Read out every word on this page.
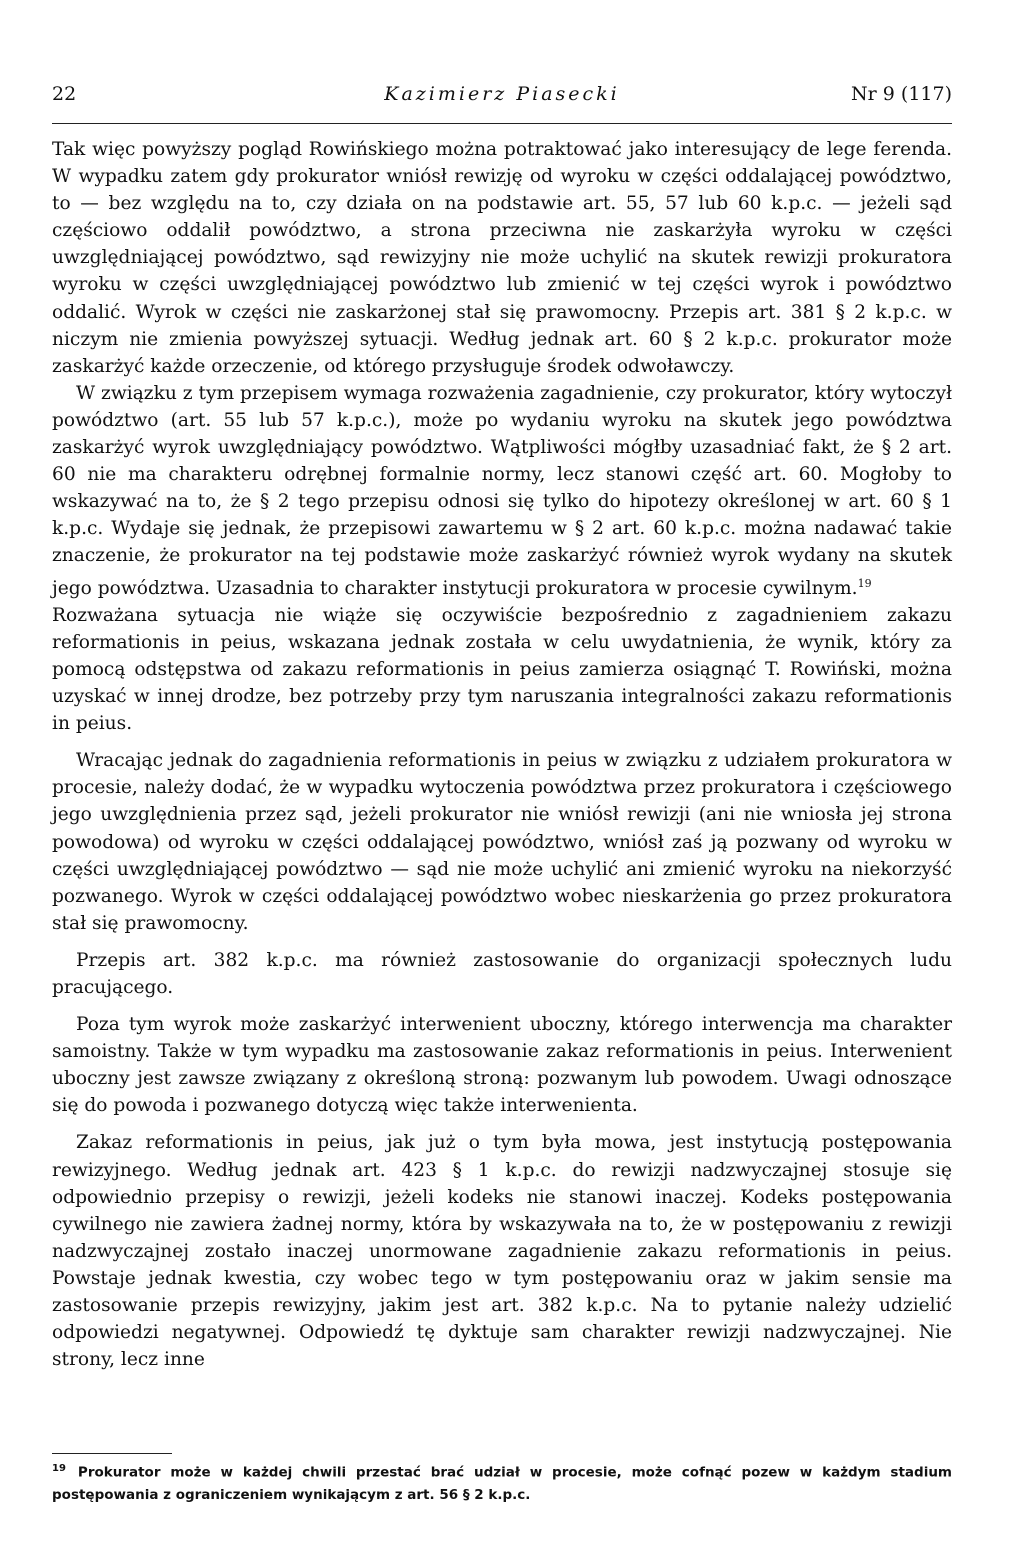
22	Kazimierz Piasecki	Nr 9 (117)

Tak więc powyższy pogląd Rowińskiego można potraktować jako interesujący de lege ferenda. W wypadku zatem gdy prokurator wniósł rewizję od wyroku w części oddalającej powództwo, to — bez względu na to, czy działa on na podstawie art. 55, 57 lub 60 k.p.c. — jeżeli sąd częściowo oddalił powództwo, a strona przeciwna nie zaskarżyła wyroku w części uwzględniającej powództwo, sąd rewizyjny nie może uchylić na skutek rewizji prokuratora wyroku w części uwzględniającej powództwo lub zmienić w tej części wyrok i powództwo oddalić. Wyrok w części nie zaskarżonej stał się prawomocny. Przepis art. 381 § 2 k.p.c. w niczym nie zmienia powyższej sytuacji. Według jednak art. 60 § 2 k.p.c. prokurator może zaskarżyć każde orzeczenie, od którego przysługuje środek odwoławczy.

W związku z tym przepisem wymaga rozważenia zagadnienie, czy prokurator, który wytoczył powództwo (art. 55 lub 57 k.p.c.), może po wydaniu wyroku na skutek jego powództwa zaskarżyć wyrok uwzględniający powództwo. Wątpliwości mógłby uzasadniać fakt, że § 2 art. 60 nie ma charakteru odrębnej formalnie normy, lecz stanowi część art. 60. Mogłoby to wskazywać na to, że § 2 tego przepisu odnosi się tylko do hipotezy określonej w art. 60 § 1 k.p.c. Wydaje się jednak, że przepisowi zawartemu w § 2 art. 60 k.p.c. można nadawać takie znaczenie, że prokurator na tej podstawie może zaskarżyć również wyrok wydany na skutek jego powództwa. Uzasadnia to charakter instytucji prokuratora w procesie cywilnym.$^{19}$

Rozważana sytuacja nie wiąże się oczywiście bezpośrednio z zagadnieniem zakazu reformationis in peius, wskazana jednak została w celu uwydatnienia, że wynik, który za pomocą odstępstwa od zakazu reformationis in peius zamierza osiągnąć T. Rowiński, można uzyskać w innej drodze, bez potrzeby przy tym naruszania integralności zakazu reformationis in peius.

Wracając jednak do zagadnienia reformationis in peius w związku z udziałem prokuratora w procesie, należy dodać, że w wypadku wytoczenia powództwa przez prokuratora i częściowego jego uwzględnienia przez sąd, jeżeli prokurator nie wniósł rewizji (ani nie wniosła jej strona powodowa) od wyroku w części oddalającej powództwo, wniósł zaś ją pozwany od wyroku w części uwzględniającej powództwo — sąd nie może uchylić ani zmienić wyroku na niekorzyść pozwanego. Wyrok w części oddalającej powództwo wobec nieskarżenia go przez prokuratora stał się prawomocny.

Przepis art. 382 k.p.c. ma również zastosowanie do organizacji społecznych ludu pracującego.

Poza tym wyrok może zaskarżyć interwenient uboczny, którego interwencja ma charakter samoistny. Także w tym wypadku ma zastosowanie zakaz reformationis in peius. Interwenient uboczny jest zawsze związany z określoną stroną: pozwanym lub powodem. Uwagi odnoszące się do powoda i pozwanego dotyczą więc także interwenienta.

Zakaz reformationis in peius, jak już o tym była mowa, jest instytucją postępowania rewizyjnego. Według jednak art. 423 § 1 k.p.c. do rewizji nadzwyczajnej stosuje się odpowiednio przepisy o rewizji, jeżeli kodeks nie stanowi inaczej. Kodeks postępowania cywilnego nie zawiera żadnej normy, która by wskazywała na to, że w postępowaniu z rewizji nadzwyczajnej zostało inaczej unormowane zagadnienie zakazu reformationis in peius. Powstaje jednak kwestia, czy wobec tego w tym postępowaniu oraz w jakim sensie ma zastosowanie przepis rewizyjny, jakim jest art. 382 k.p.c. Na to pytanie należy udzielić odpowiedzi negatywnej. Odpowiedź tę dyktuje sam charakter rewizji nadzwyczajnej. Nie strony, lecz inne

$^{19}$ Prokurator może w każdej chwili przestać brać udział w procesie, może cofnąć pozew w każdym stadium postępowania z ograniczeniem wynikającym z art. 56 § 2 k.p.c.
